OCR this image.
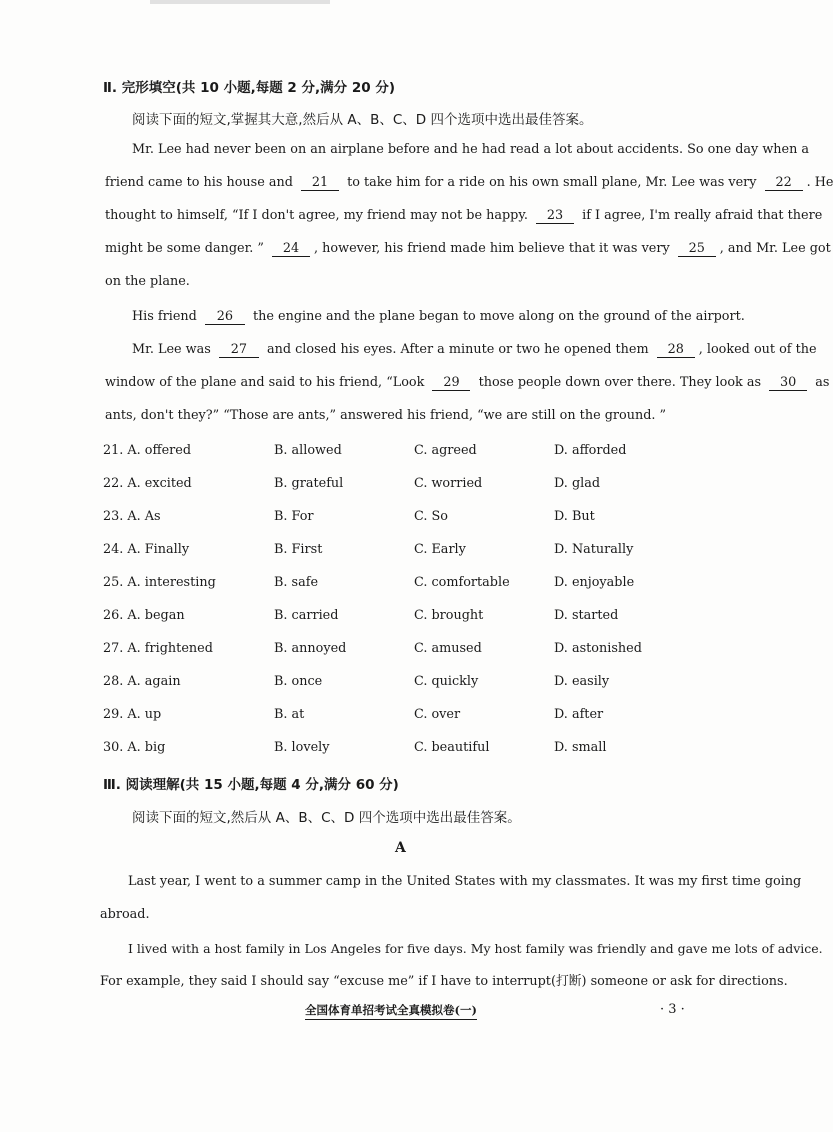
Ⅱ. 完形填空(共 10 小题,每题 2 分,满分 20 分)
阅读下面的短文,掌握其大意,然后从 A、B、C、D 四个选项中选出最佳答案。
Mr. Lee had never been on an airplane before and he had read a lot about accidents. So one day when a
friend came to his house and 21 to take him for a ride on his own small plane, Mr. Lee was very 22 . He
thought to himself, “If I don't agree, my friend may not be happy. 23 if I agree, I'm really afraid that there
might be some danger. ” 24 , however, his friend made him believe that it was very 25 , and Mr. Lee got
on the plane.
His friend 26 the engine and the plane began to move along on the ground of the airport.
Mr. Lee was 27 and closed his eyes. After a minute or two he opened them 28 , looked out of the
window of the plane and said to his friend, “Look 29 those people down over there. They look as 30 as
ants, don't they?” “Those are ants,” answered his friend, “we are still on the ground. ”
21. A. offered	B. allowed	C. agreed	D. afforded
22. A. excited	B. grateful	C. worried	D. glad
23. A. As	B. For	C. So	D. But
24. A. Finally	B. First	C. Early	D. Naturally
25. A. interesting	B. safe	C. comfortable	D. enjoyable
26. A. began	B. carried	C. brought	D. started
27. A. frightened	B. annoyed	C. amused	D. astonished
28. A. again	B. once	C. quickly	D. easily
29. A. up	B. at	C. over	D. after
30. A. big	B. lovely	C. beautiful	D. small
Ⅲ. 阅读理解(共 15 小题,每题 4 分,满分 60 分)
阅读下面的短文,然后从 A、B、C、D 四个选项中选出最佳答案。
A
Last year, I went to a summer camp in the United States with my classmates. It was my first time going
abroad.
I lived with a host family in Los Angeles for five days. My host family was friendly and gave me lots of advice.
For example, they said I should say “excuse me” if I have to interrupt(打断) someone or ask for directions.
全国体育单招考试全真模拟卷(一)	· 3 ·
